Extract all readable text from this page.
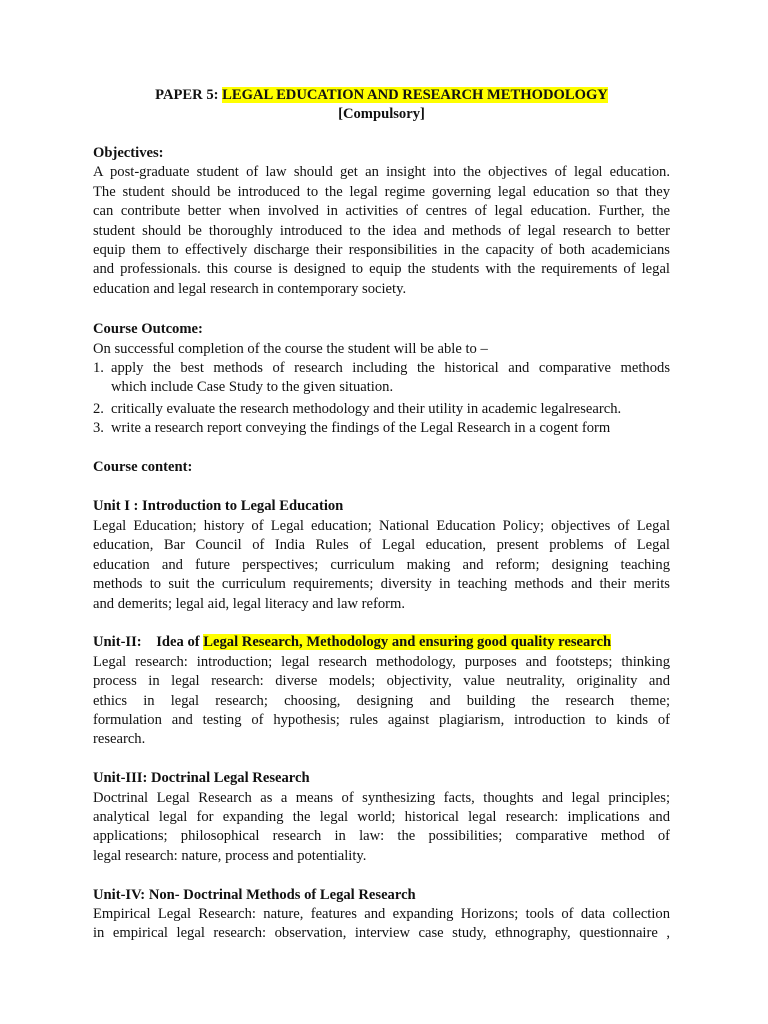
PAPER 5: LEGAL EDUCATION AND RESEARCH METHODOLOGY
[Compulsory]
Objectives:
A post-graduate student of law should get an insight into the objectives of legal education.
The student should be introduced to the legal regime governing legal education so that they
can contribute better when involved in activities of centres of legal education. Further, the
student should be thoroughly introduced to the idea and methods of legal research to better
equip them to effectively discharge their responsibilities in the capacity of both academicians
and professionals. this course is designed to equip the students with the requirements of legal
education and legal research in contemporary society.
Course Outcome:
On successful completion of the course the student will be able to –
1. apply the best methods of research including the historical and comparative methods
which include Case Study to the given situation.
2. critically evaluate the research methodology and their utility in academic legalresearch.
3. write a research report conveying the findings of the Legal Research in a cogent form
Course content:
Unit I : Introduction to Legal Education
Legal Education; history of Legal education; National Education Policy; objectives of Legal
education, Bar Council of India Rules of Legal education, present problems of Legal
education and future perspectives; curriculum making and reform; designing teaching
methods to suit the curriculum requirements; diversity in teaching methods and their merits
and demerits; legal aid, legal literacy and law reform.
Unit-II:    Idea of Legal Research, Methodology and ensuring good quality research
Legal research: introduction; legal research methodology, purposes and footsteps; thinking
process in legal research: diverse models; objectivity, value neutrality, originality and
ethics in legal research; choosing, designing and building the research theme;
formulation and testing of hypothesis; rules against plagiarism, introduction to kinds of
research.
Unit-III: Doctrinal Legal Research
Doctrinal Legal Research as a means of synthesizing facts, thoughts and legal principles;
analytical legal for expanding the legal world; historical legal research: implications and
applications; philosophical research in law: the possibilities; comparative method of
legal research: nature, process and potentiality.
Unit-IV: Non- Doctrinal Methods of Legal Research
Empirical Legal Research: nature, features and expanding Horizons; tools of data collection
in empirical legal research: observation, interview case study, ethnography, questionnaire ,
